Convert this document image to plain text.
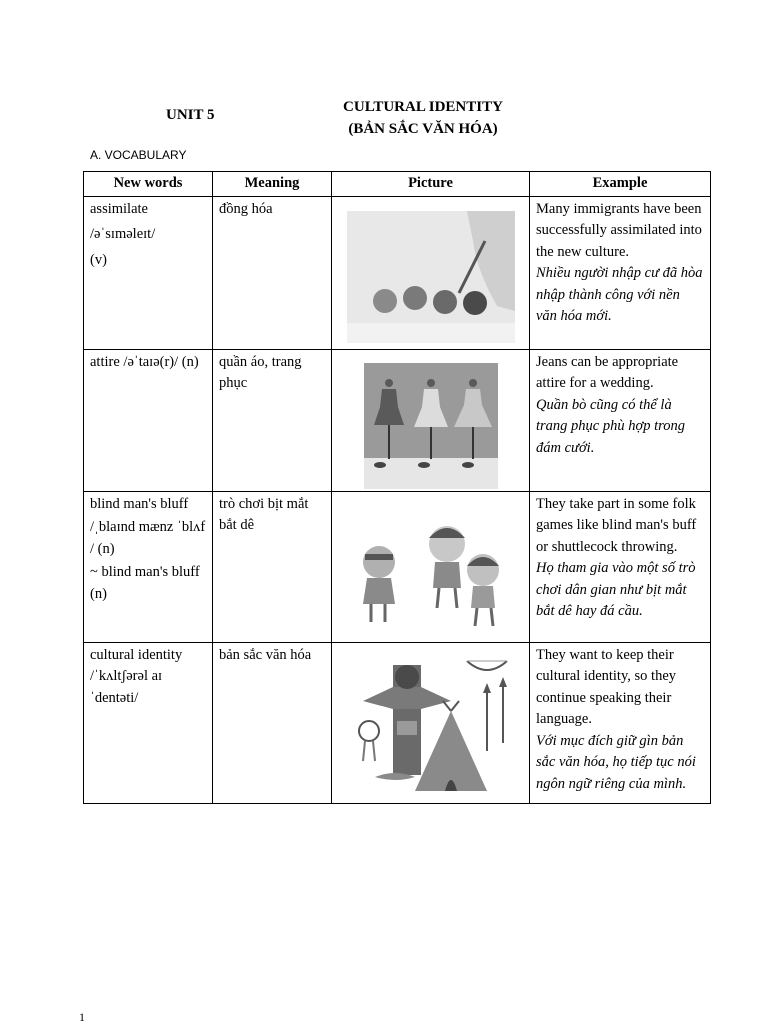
UNIT 5	CULTURAL IDENTITY
(BẢN SẮC VĂN HÓA)
A. VOCABULARY
New words	Meaning	Picture	Example

assimilate
/əˈsɪməleɪt/
(v)	đồng hóa		Many immigrants have been successfully assimilated into the new culture.
Nhiều người nhập cư đã hòa nhập thành công với nền văn hóa mới.

attire /əˈtaɪə(r)/ (n)	quần áo, trang phục		Jeans can be appropriate attire for a wedding.
Quần bò cũng có thể là trang phục phù hợp trong đám cưới.

blind man's bluff
/ˌblaɪnd mænz ˈblʌf / (n)
~ blind man's bluff (n)	trò chơi bịt mắt bắt dê		They take part in some folk games like blind man's buff or shuttlecock throwing.
Họ tham gia vào một số trò chơi dân gian như bịt mắt bắt dê hay đá cầu.

cultural identity
/ˈkʌltʃərəl aɪ ˈdentəti/	bản sắc văn hóa		They want to keep their cultural identity, so they continue speaking their language.
Với mục đích giữ gìn bản sắc văn hóa, họ tiếp tục nói ngôn ngữ riêng của mình.
1
